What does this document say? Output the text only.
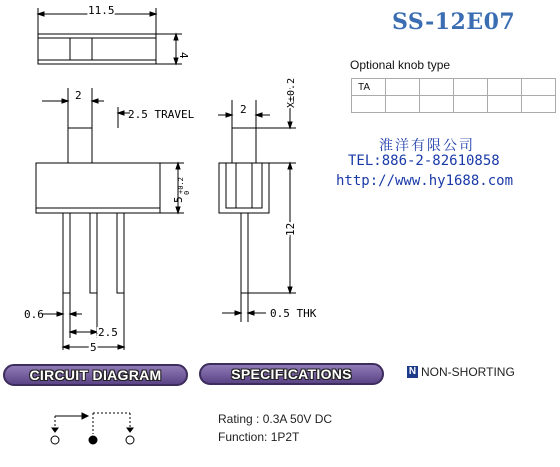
11.5
4
2
2.5 TRAVEL
5
+0.2
0
0.6
2.5
5
2
X±0.2
12
0.5 THK
SS-12E07
Optional knob type
TA					

淮洋有限公司
TEL:886-2-82610858
http://www.hy1688.com
CIRCUIT DIAGRAM	SPECIFICATIONS	N NON-SHORTING
Rating : 0.3A 50V DC
Function: 1P2T
